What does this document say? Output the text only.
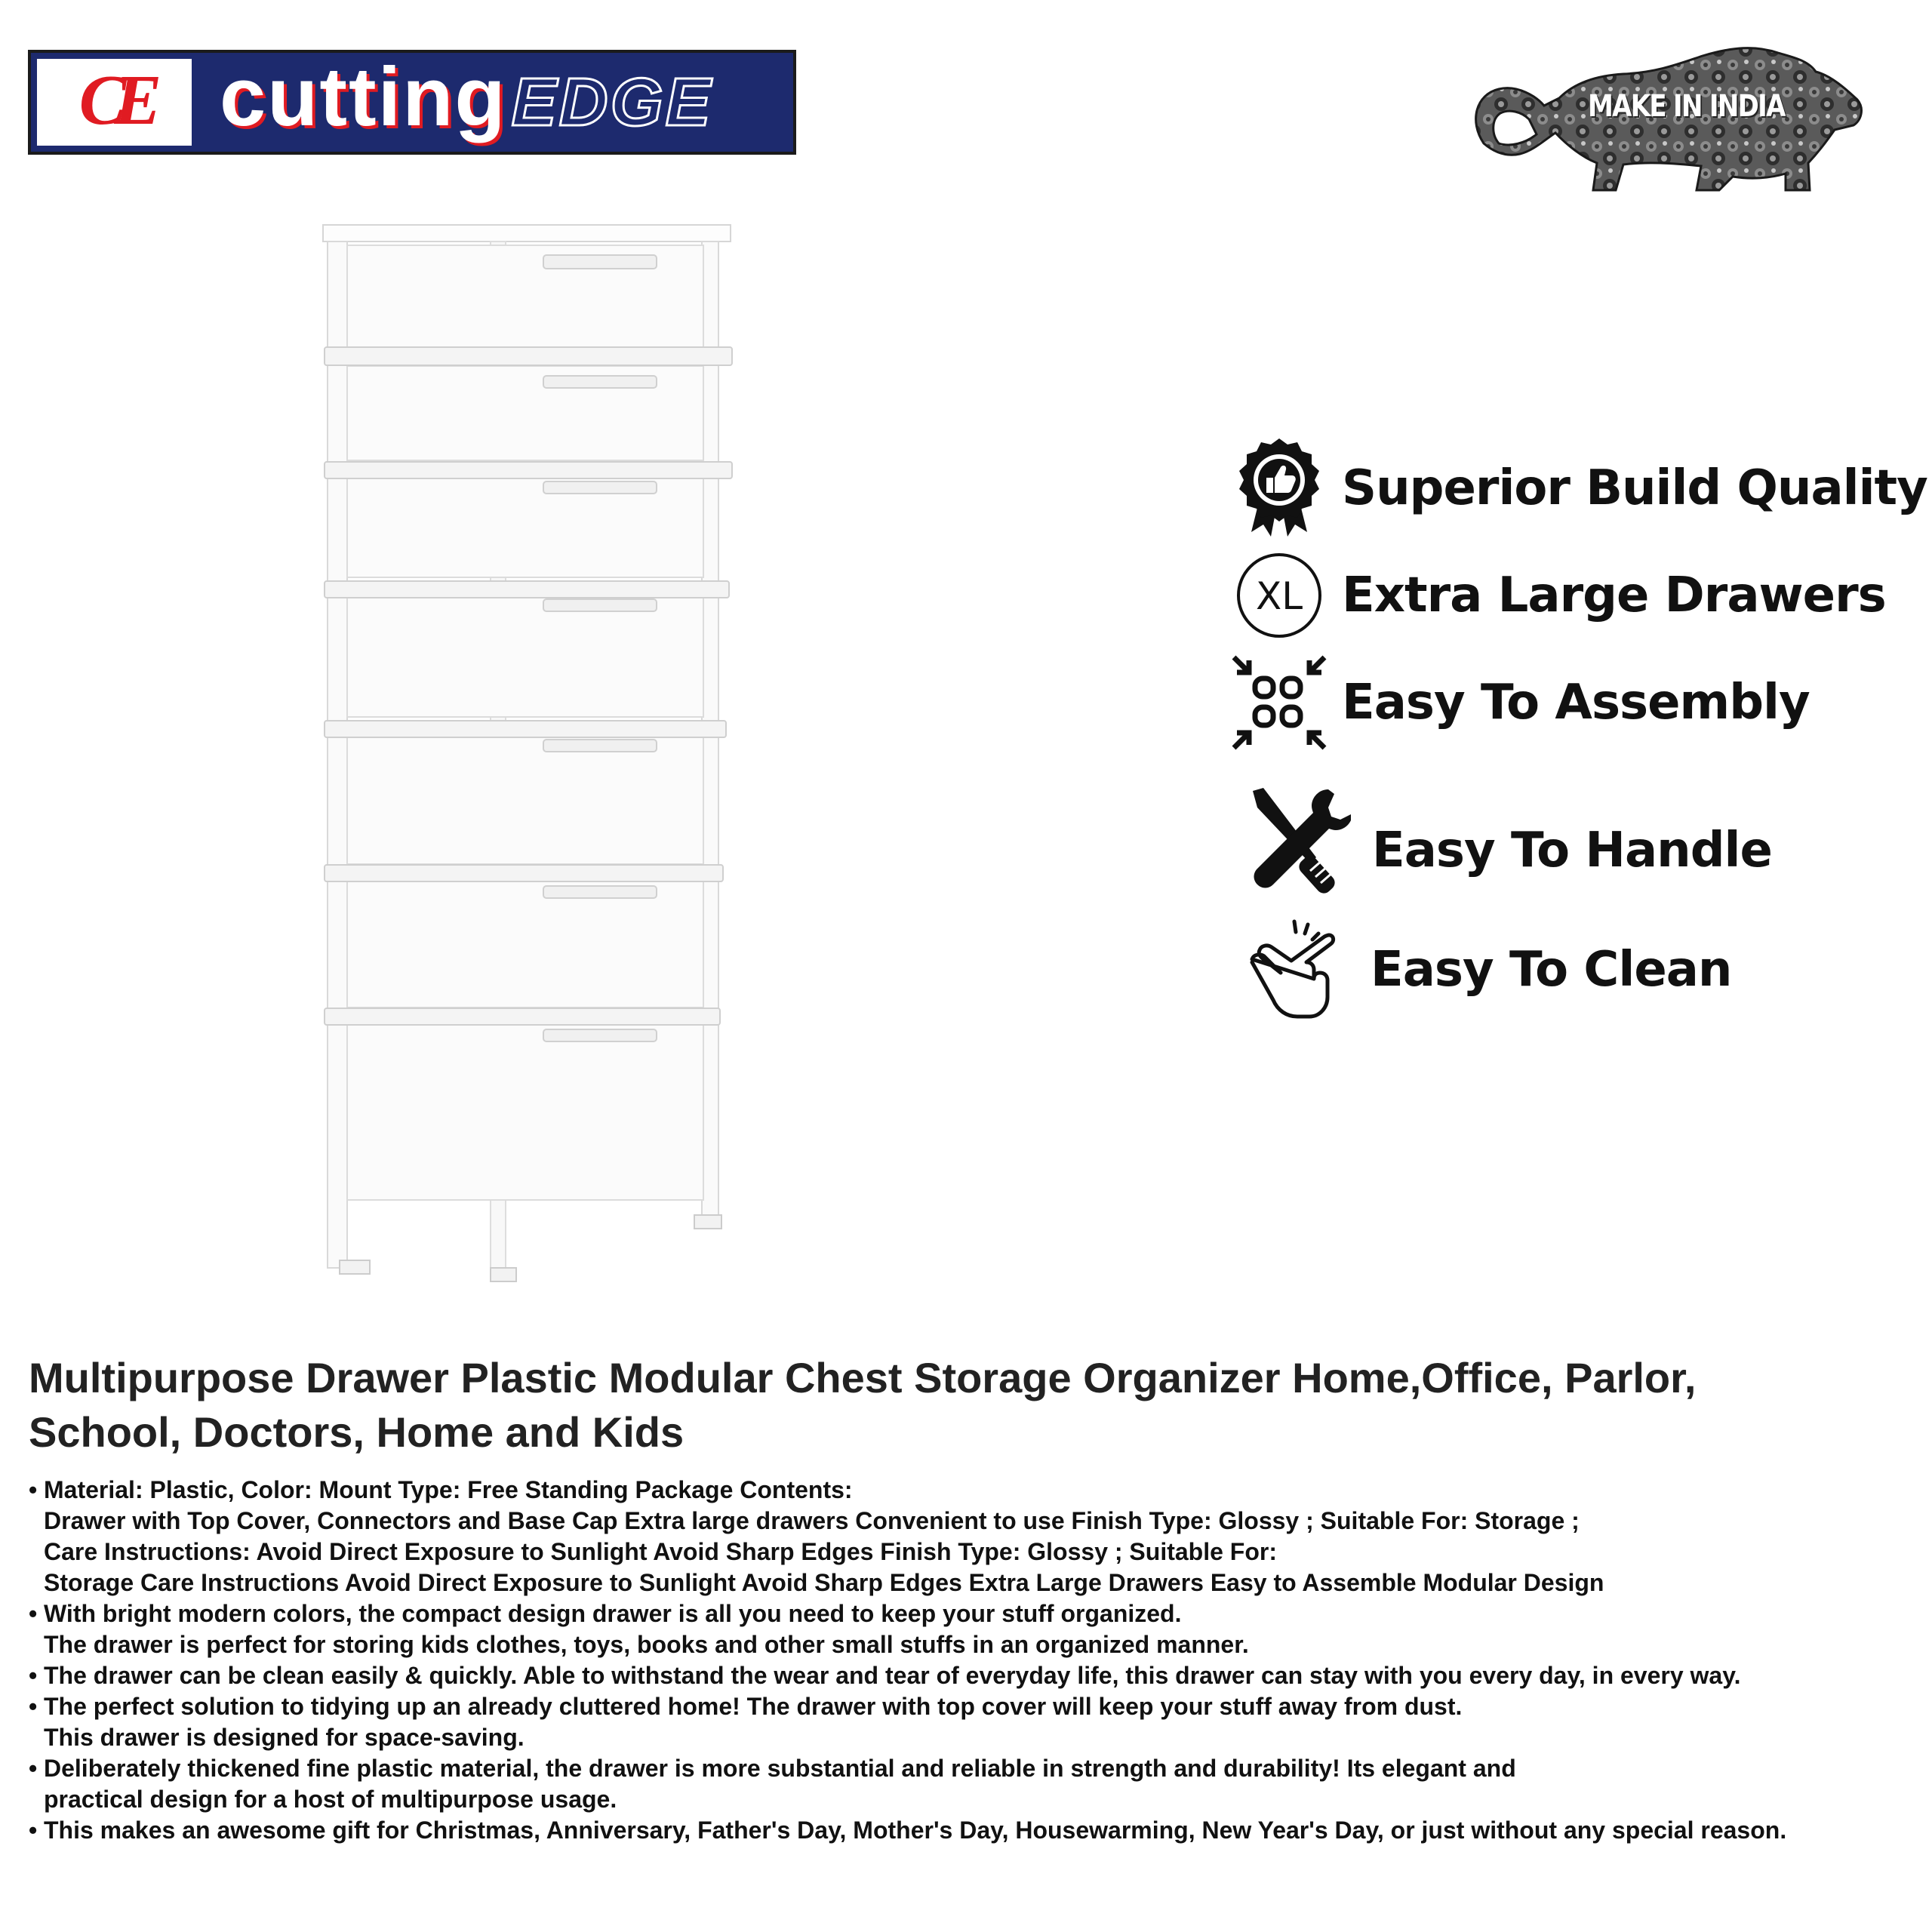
CE cuttingEDGE	MAKE IN INDIA
Superior Build Quality
XL Extra Large Drawers
Easy To Assembly
Easy To Handle
Easy To Clean
Multipurpose Drawer Plastic Modular Chest Storage Organizer Home,Office, Parlor,
School, Doctors, Home and Kids
• Material: Plastic, Color: Mount Type: Free Standing Package Contents:
Drawer with Top Cover, Connectors and Base Cap Extra large drawers Convenient to use Finish Type: Glossy ; Suitable For: Storage ;
Care Instructions: Avoid Direct Exposure to Sunlight Avoid Sharp Edges Finish Type: Glossy ; Suitable For:
Storage Care Instructions Avoid Direct Exposure to Sunlight Avoid Sharp Edges Extra Large Drawers Easy to Assemble Modular Design
• With bright modern colors, the compact design drawer is all you need to keep your stuff organized.
The drawer is perfect for storing kids clothes, toys, books and other small stuffs in an organized manner.
• The drawer can be clean easily & quickly. Able to withstand the wear and tear of everyday life, this drawer can stay with you every day, in every way.
• The perfect solution to tidying up an already cluttered home! The drawer with top cover will keep your stuff away from dust.
This drawer is designed for space-saving.
• Deliberately thickened fine plastic material, the drawer is more substantial and reliable in strength and durability! Its elegant and
practical design for a host of multipurpose usage.
• This makes an awesome gift for Christmas, Anniversary, Father's Day, Mother's Day, Housewarming, New Year's Day, or just without any special reason.
